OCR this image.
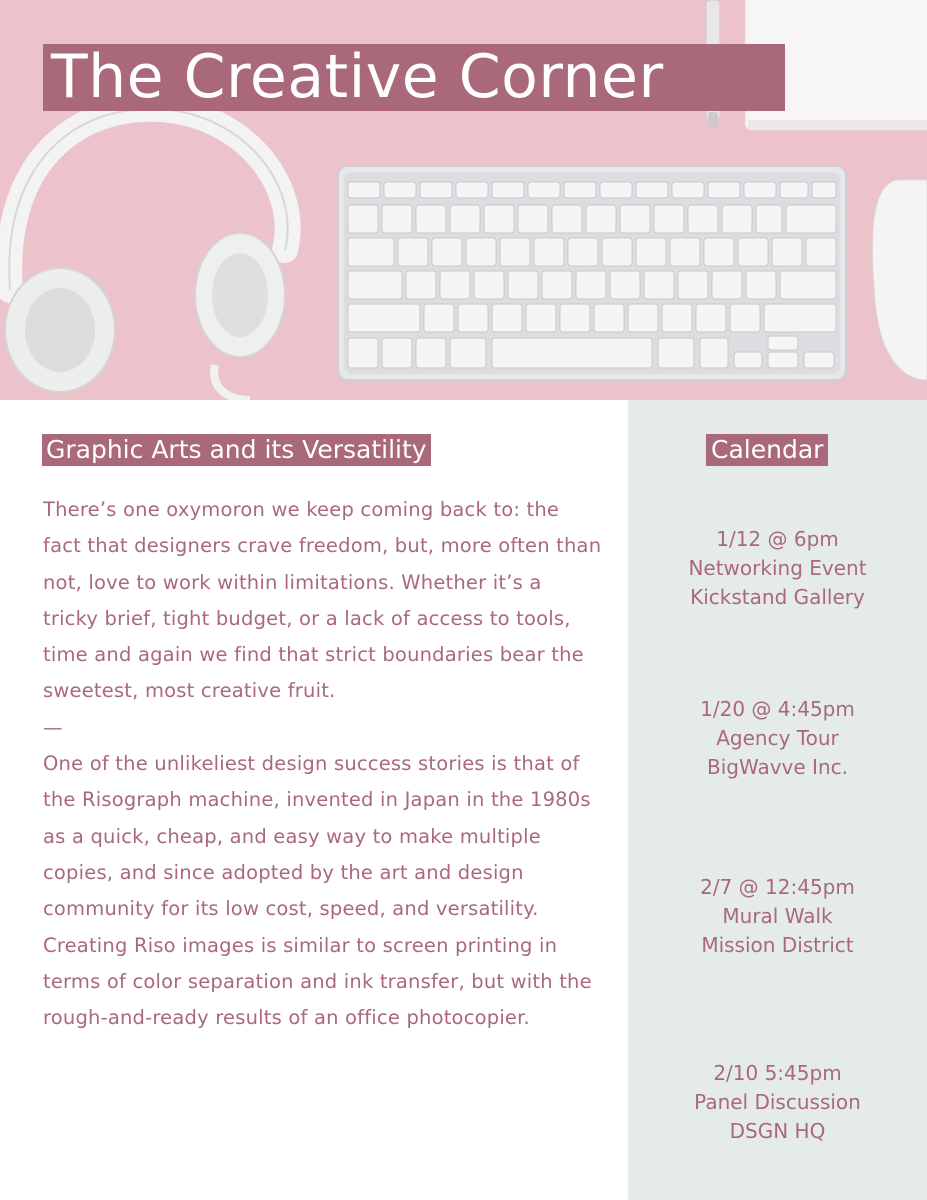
The Creative Corner
Graphic Arts and its Versatility

There’s one oxymoron we keep coming back to: the fact that designers crave freedom, but, more often than not, love to work within limitations. Whether it’s a tricky brief, tight budget, or a lack of access to tools, time and again we find that strict boundaries bear the sweetest, most creative fruit.

—

One of the unlikeliest design success stories is that of the Risograph machine, invented in Japan in the 1980s as a quick, cheap, and easy way to make multiple copies, and since adopted by the art and design community for its low cost, speed, and versatility. Creating Riso images is similar to screen printing in terms of color separation and ink transfer, but with the rough-and-ready results of an office photocopier.

Calendar
1/12 @ 6pm
Networking Event
Kickstand Gallery
1/20 @ 4:45pm
Agency Tour
BigWavve Inc.
2/7 @ 12:45pm
Mural Walk
Mission District
2/10 5:45pm
Panel Discussion
DSGN HQ
